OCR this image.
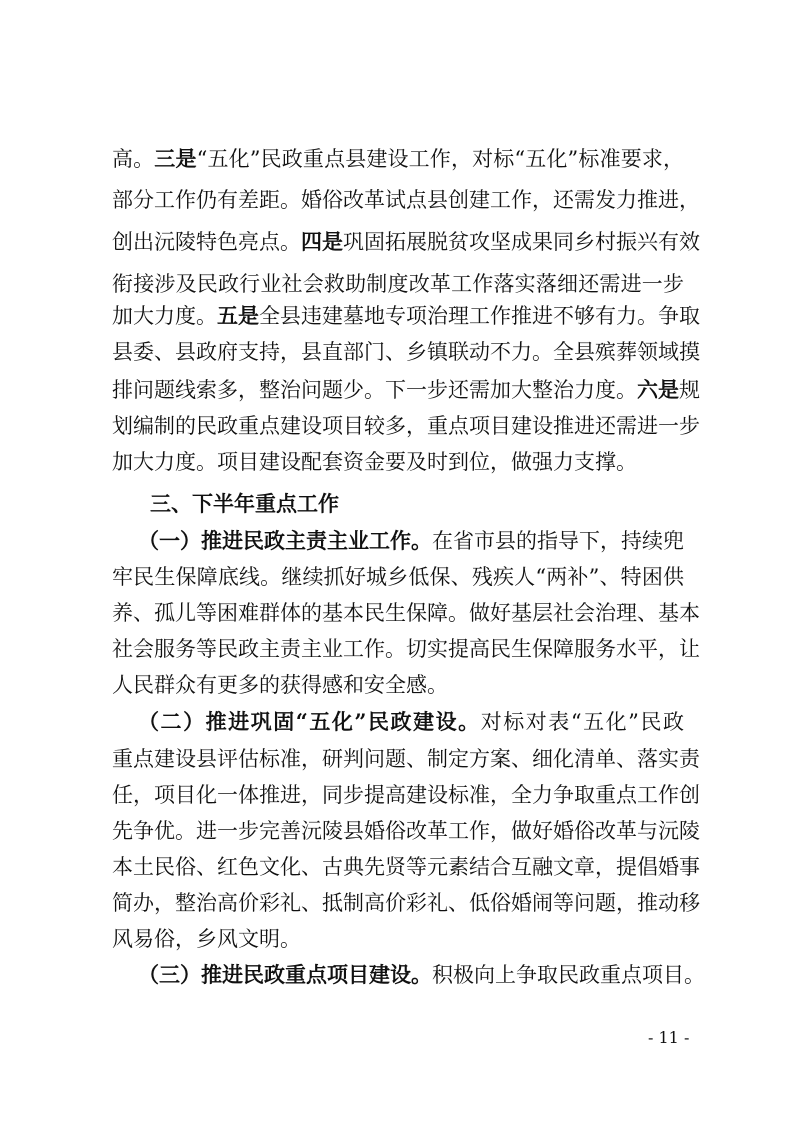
高。三是“五化”民政重点县建设工作，对标“五化”标准要求，
部分工作仍有差距。婚俗改革试点县创建工作，还需发力推进，
创出沅陵特色亮点。四是巩固拓展脱贫攻坚成果同乡村振兴有效
衔接涉及民政行业社会救助制度改革工作落实落细还需进一步
加大力度。五是全县违建墓地专项治理工作推进不够有力。争取
县委、县政府支持，县直部门、乡镇联动不力。全县殡葬领域摸
排问题线索多，整治问题少。下一步还需加大整治力度。六是规
划编制的民政重点建设项目较多，重点项目建设推进还需进一步
加大力度。项目建设配套资金要及时到位，做强力支撑。
三、下半年重点工作
（一）推进民政主责主业工作。在省市县的指导下，持续兜
牢民生保障底线。继续抓好城乡低保、残疾人“两补”、特困供
养、孤儿等困难群体的基本民生保障。做好基层社会治理、基本
社会服务等民政主责主业工作。切实提高民生保障服务水平，让
人民群众有更多的获得感和安全感。
（二）推进巩固“五化”民政建设。对标对表“五化”民政
重点建设县评估标准，研判问题、制定方案、细化清单、落实责
任，项目化一体推进，同步提高建设标准，全力争取重点工作创
先争优。进一步完善沅陵县婚俗改革工作，做好婚俗改革与沅陵
本土民俗、红色文化、古典先贤等元素结合互融文章，提倡婚事
简办，整治高价彩礼、抵制高价彩礼、低俗婚闹等问题，推动移
风易俗，乡风文明。
（三）推进民政重点项目建设。积极向上争取民政重点项目。
- 11 -
